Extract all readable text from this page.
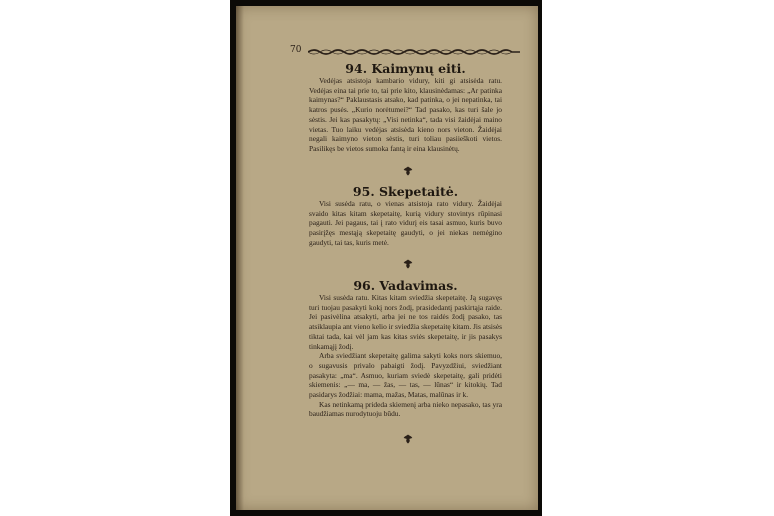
70
94. Kaimynų eiti.

Vedėjas atsistoja kambario vidury, kiti gi atsisėda ratu. Vedėjas eina tai prie to, tai prie kito, klausinėdamas: „Ar patinka kaimynas?“ Paklaustasis atsako, kad patinka, o jei nepatinka, tai katros pusės. „Kurio norėtumei?“ Tad pasako, kas turi šale jo sėstis. Jei kas pasakytų: „Visi netinka“, tada visi žaidėjai maino vietas. Tuo laiku vedėjas atsisėda kieno nors vieton. Žaidėjai negali kaimyno vieton sėstis, turi toliau pasiieškoti vietos. Pasilikęs be vietos sumoka fantą ir eina klausinėtų.

95. Skepetaitė.

Visi susėda ratu, o vienas atsistoja rato vidury. Žaidėjai svaido kitas kitam skepetaitę, kurią vidury stovintys rūpinasi pagauti. Jei pagaus, tai į rato vidurį eis tasai asmuo, kuris buvo pasirįžęs mestąją skepetaitę gaudyti, o jei niekas nemėgino gaudyti, tai tas, kuris metė.

96. Vadavimas.

Visi susėda ratu. Kitas kitam sviedžia skepetaitę. Ją sugavęs turi tuojau pasakyti kokį nors žodį, prasidedantį paskirtąja raide. Jei pasivėlina atsakyti, arba jei ne tos raidės žodį pasako, tas atsiklaupia ant vieno kelio ir sviedžia skepetaitę kitam. Jis atsisės tiktai tada, kai vėl jam kas kitas sviės skepetaitę, ir jis pasakys tinkamąjį žodį.

Arba sviedžiant skepetaitę galima sakyti koks nors skiemuo, o sugavusis privalo pabaigti žodį. Pavyzdžiui, sviedžiant pasakyta: „ma“. Asmuo, kuriam sviedė skepetaitę, gali pridėti skiemenis: „— ma, — žas, — tas, — lūnas“ ir kitokių. Tad pasidarys žodžiai: mama, mažas, Matas, malūnas ir k.

Kas netinkamą prideda skiemenį arba nieko nepasako, tas yra baudžiamas nurodytuoju būdu.
